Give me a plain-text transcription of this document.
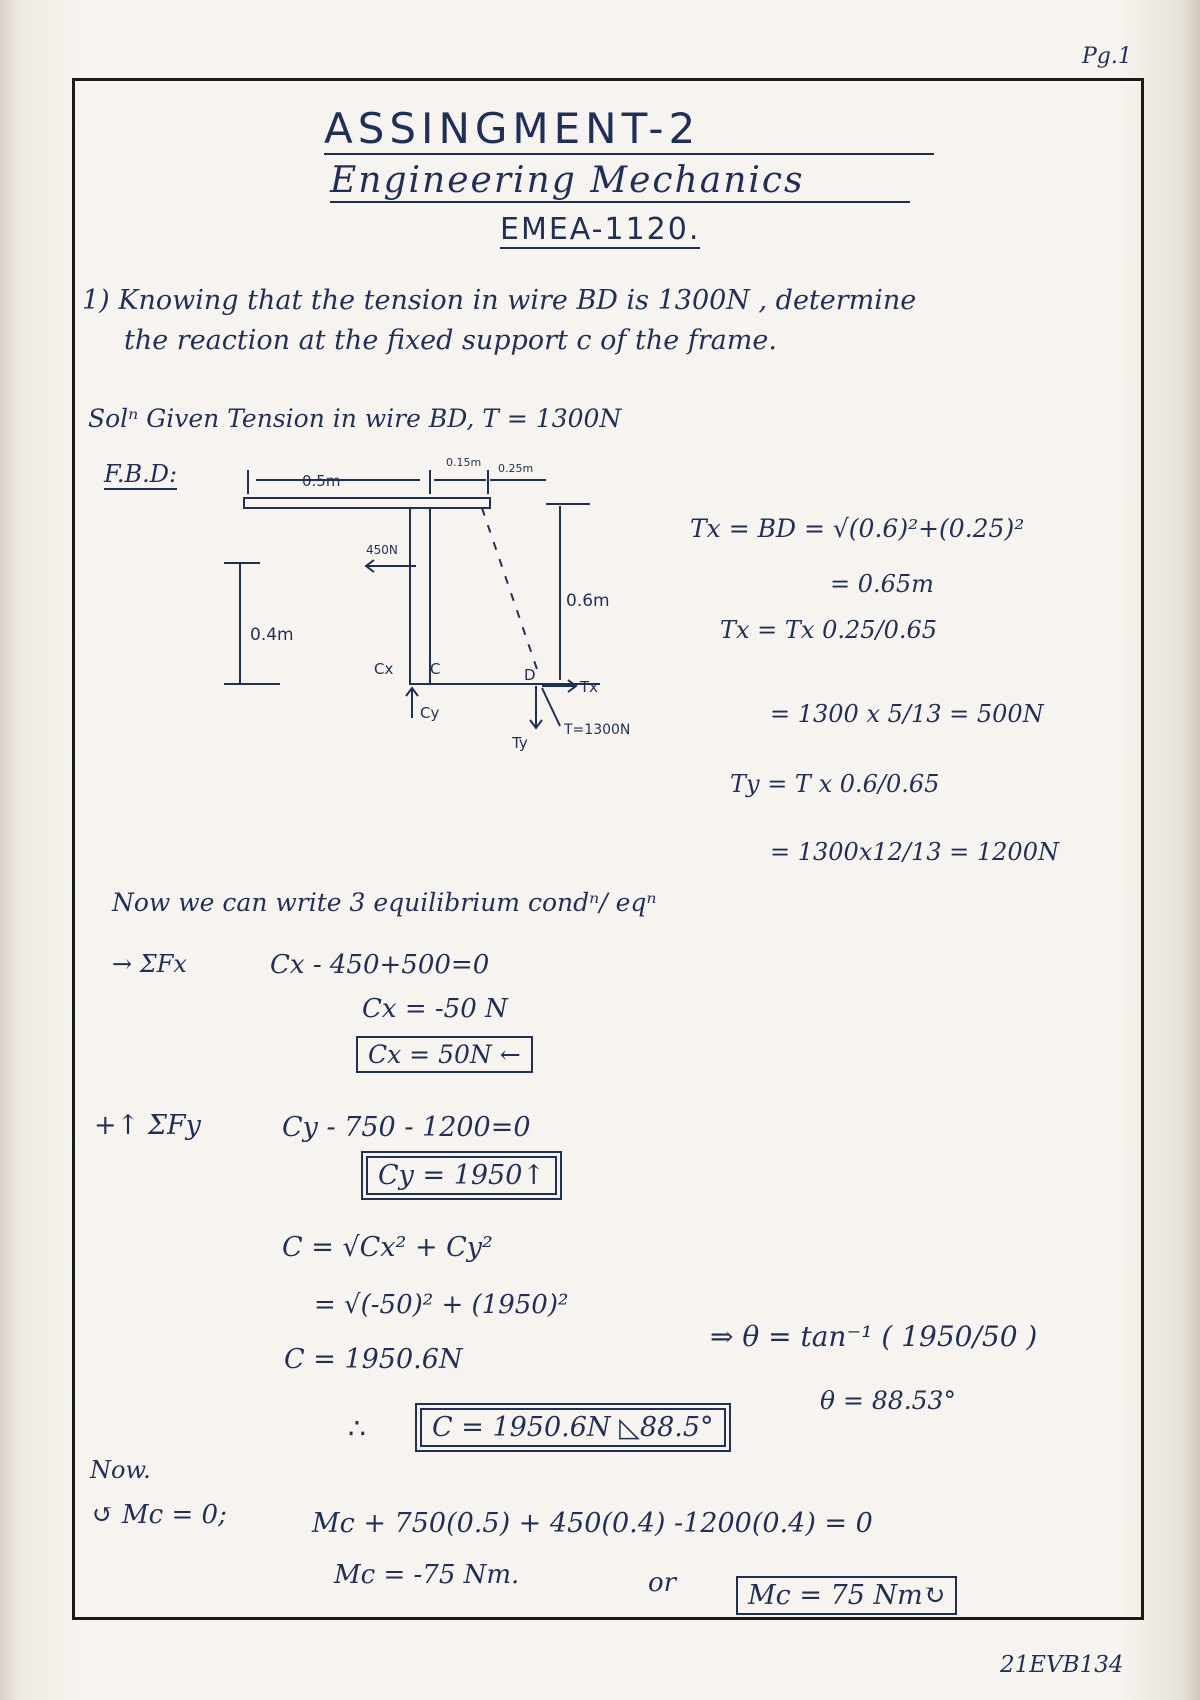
Pg.1
ASSINGMENT-2
Engineering Mechanics
EMEA-1120.
1) Knowing that the tension in wire BD is 1300N , determine
the reaction at the fixed support c of the frame.
Solⁿ Given Tension in wire BD, T = 1300N
F.B.D:	0.5m
0.15m 0.25m
450N
0.4m
0.6m
Cx C
Cy
D
Tx
Ty
T=1300N
Tx = BD = √(0.6)²+(0.25)²
= 0.65m
Tx = Tx 0.25/0.65
= 1300 x 5/13 = 500N
Ty = T x 0.6/0.65
= 1300x12/13 = 1200N
Now we can write 3 equilibrium condⁿ/ eqⁿ
→ ΣFx	Cx - 450+500=0
Cx = -50 N
Cx = 50N ←
+↑ ΣFy	Cy - 750 - 1200=0
Cy = 1950↑
C = √Cx² + Cy²
= √(-50)² + (1950)²
C = 1950.6N
⇒ θ = tan⁻¹ ( 1950/50 )
θ = 88.53°
∴	C = 1950.6N ◺88.5°
Now.
↺ Mc = 0;	Mc + 750(0.5) + 450(0.4) -1200(0.4) = 0
Mc = -75 Nm.	or	Mc = 75 Nm↻
21EVB134
